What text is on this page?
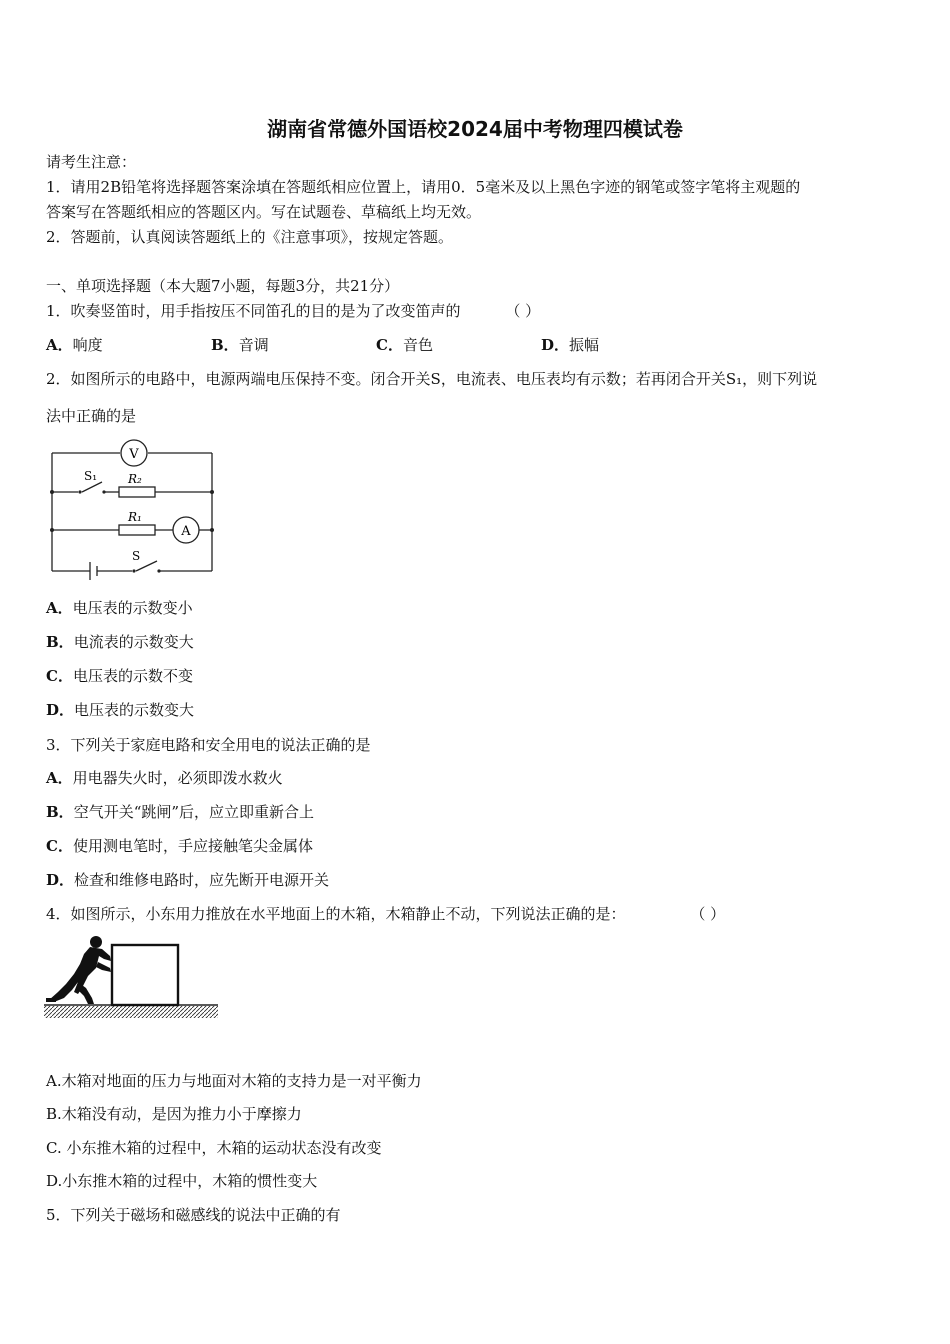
湖南省常德外国语校2024届中考物理四模试卷
请考生注意：
1．请用2B铅笔将选择题答案涂填在答题纸相应位置上，请用0．5毫米及以上黑色字迹的钢笔或签字笔将主观题的
答案写在答题纸相应的答题区内。写在试题卷、草稿纸上均无效。
2．答题前，认真阅读答题纸上的《注意事项》，按规定答题。
一、单项选择题（本大题7小题，每题3分，共21分）
1．吹奏竖笛时，用手指按压不同笛孔的目的是为了改变笛声的	（ ）
A．响度	B．音调	C．音色	D．振幅
2．如图所示的电路中，电源两端电压保持不变。闭合开关S，电流表、电压表均有示数；若再闭合开关S₁，则下列说
法中正确的是
V
A
S₁	R₂
R₁
S
A．电压表的示数变小
B．电流表的示数变大
C．电压表的示数不变
D．电压表的示数变大
3．下列关于家庭电路和安全用电的说法正确的是
A．用电器失火时，必须即泼水救火
B．空气开关“跳闸”后，应立即重新合上
C．使用测电笔时，手应接触笔尖金属体
D．检查和维修电路时，应先断开电源开关
4．如图所示，小东用力推放在水平地面上的木箱，木箱静止不动，下列说法正确的是：	（ ）
A.木箱对地面的压力与地面对木箱的支持力是一对平衡力
B.木箱没有动，是因为推力小于摩擦力
C. 小东推木箱的过程中，木箱的运动状态没有改变
D.小东推木箱的过程中，木箱的惯性变大
5．下列关于磁场和磁感线的说法中正确的有
